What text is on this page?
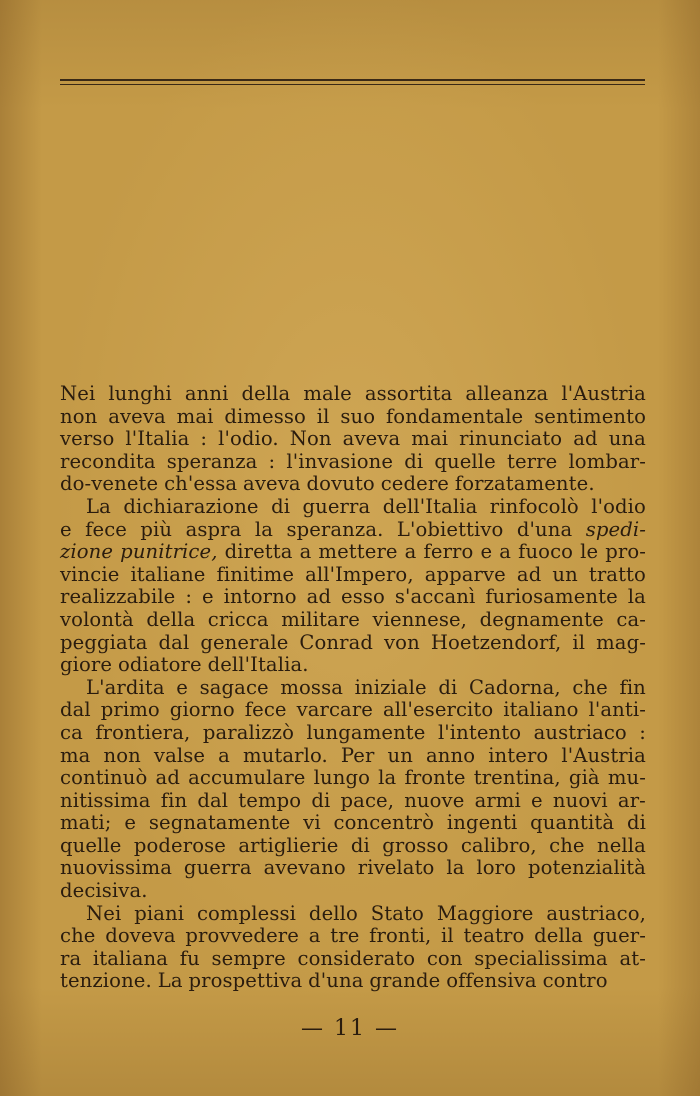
Nei lunghi anni della male assortita alleanza l'Austria
non aveva mai dimesso il suo fondamentale sentimento
verso l'Italia : l'odio. Non aveva mai rinunciato ad una
recondita speranza : l'invasione di quelle terre lombar-
do-venete ch'essa aveva dovuto cedere forzatamente.
La dichiarazione di guerra dell'Italia rinfocolò l'odio
e fece più aspra la speranza. L'obiettivo d'una spedi-
zione punitrice, diretta a mettere a ferro e a fuoco le pro-
vincie italiane finitime all'Impero, apparve ad un tratto
realizzabile : e intorno ad esso s'accanì furiosamente la
volontà della cricca militare viennese, degnamente ca-
peggiata dal generale Conrad von Hoetzendorf, il mag-
giore odiatore dell'Italia.
L'ardita e sagace mossa iniziale di Cadorna, che fin
dal primo giorno fece varcare all'esercito italiano l'anti-
ca frontiera, paralizzò lungamente l'intento austriaco :
ma non valse a mutarlo. Per un anno intero l'Austria
continuò ad accumulare lungo la fronte trentina, già mu-
nitissima fin dal tempo di pace, nuove armi e nuovi ar-
mati; e segnatamente vi concentrò ingenti quantità di
quelle poderose artiglierie di grosso calibro, che nella
nuovissima guerra avevano rivelato la loro potenzialità
decisiva.
Nei piani complessi dello Stato Maggiore austriaco,
che doveva provvedere a tre fronti, il teatro della guer-
ra italiana fu sempre considerato con specialissima at-
tenzione. La prospettiva d'una grande offensiva contro
— 11 —
